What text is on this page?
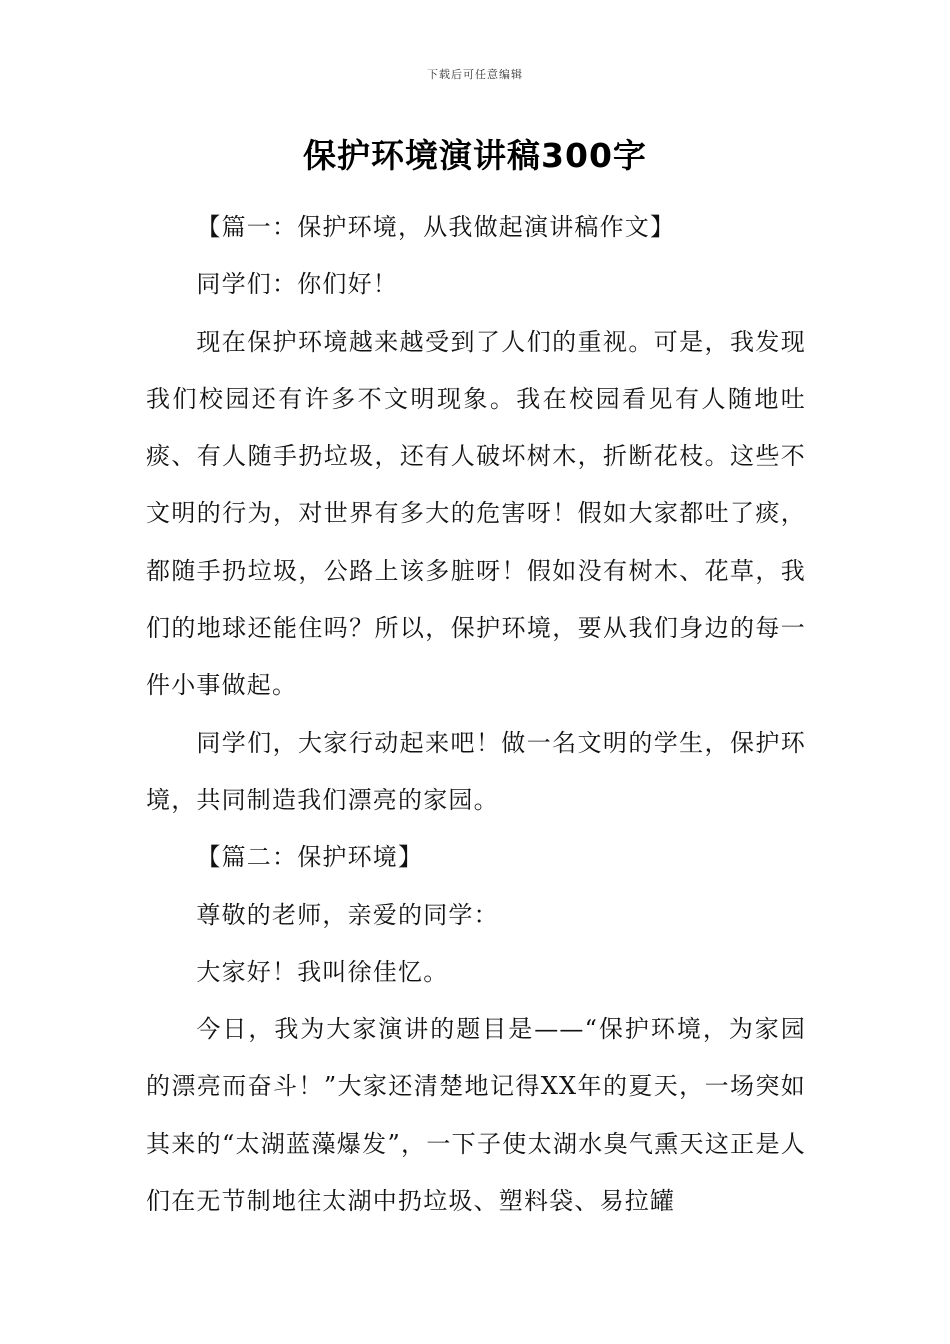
下载后可任意编辑
保护环境演讲稿300字

【篇一：保护环境，从我做起演讲稿作文】

同学们：你们好！

现在保护环境越来越受到了人们的重视。可是，我发现我们校园还有许多不文明现象。我在校园看见有人随地吐痰、有人随手扔垃圾，还有人破坏树木，折断花枝。这些不文明的行为，对世界有多大的危害呀！假如大家都吐了痰，都随手扔垃圾，公路上该多脏呀！假如没有树木、花草，我们的地球还能住吗？所以，保护环境，要从我们身边的每一件小事做起。

同学们，大家行动起来吧！做一名文明的学生，保护环境，共同制造我们漂亮的家园。

【篇二：保护环境】

尊敬的老师，亲爱的同学：

大家好！我叫徐佳忆。

今日，我为大家演讲的题目是——“保护环境，为家园的漂亮而奋斗！”大家还清楚地记得XX年的夏天，一场突如其来的“太湖蓝藻爆发”，一下子使太湖水臭气熏天这正是人们在无节制地往太湖中扔垃圾、塑料袋、易拉罐
